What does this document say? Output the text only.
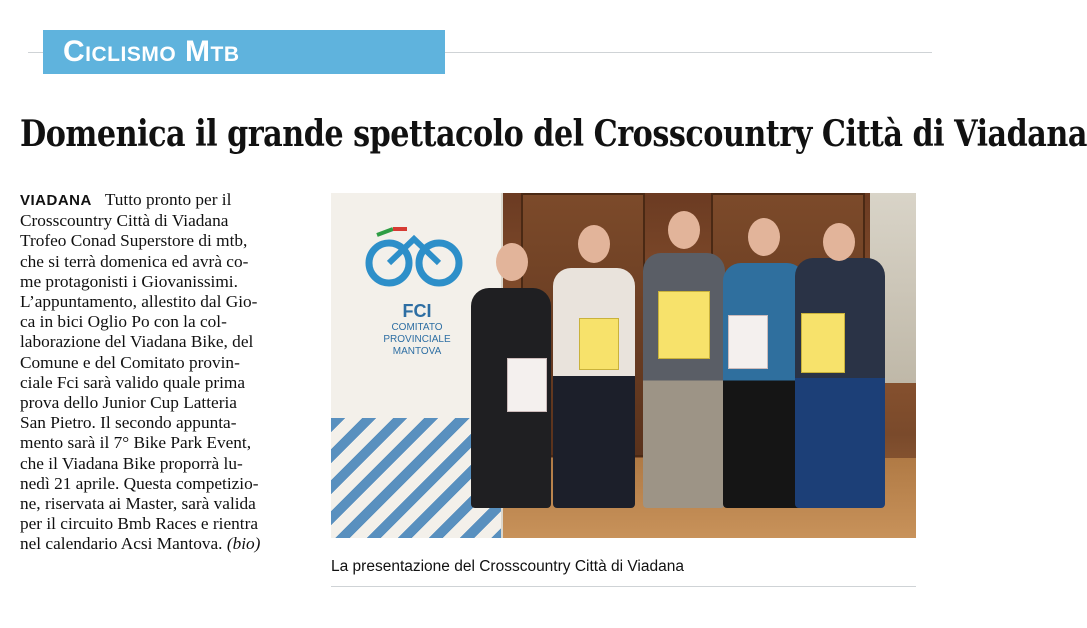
Ciclismo Mtb
Domenica il grande spettacolo del Crosscountry Città di Viadana
VIADANA Tutto pronto per il
Crosscountry Città di Viadana
Trofeo Conad Superstore di mtb,
che si terrà domenica ed avrà co-
me protagonisti i Giovanissimi.
L’appuntamento, allestito dal Gio-
ca in bici Oglio Po con la col-
laborazione del Viadana Bike, del
Comune e del Comitato provin-
ciale Fci sarà valido quale prima
prova dello Junior Cup Latteria
San Pietro. Il secondo appunta-
mento sarà il 7° Bike Park Event,
che il Viadana Bike proporrà lu-
nedì 21 aprile. Questa competizio-
ne, riservata ai Master, sarà valida
per il circuito Bmb Races e rientra
nel calendario Acsi Mantova. (bio)
FCI
COMITATO
PROVINCIALE
MANTOVA
La presentazione del Crosscountry Città di Viadana
